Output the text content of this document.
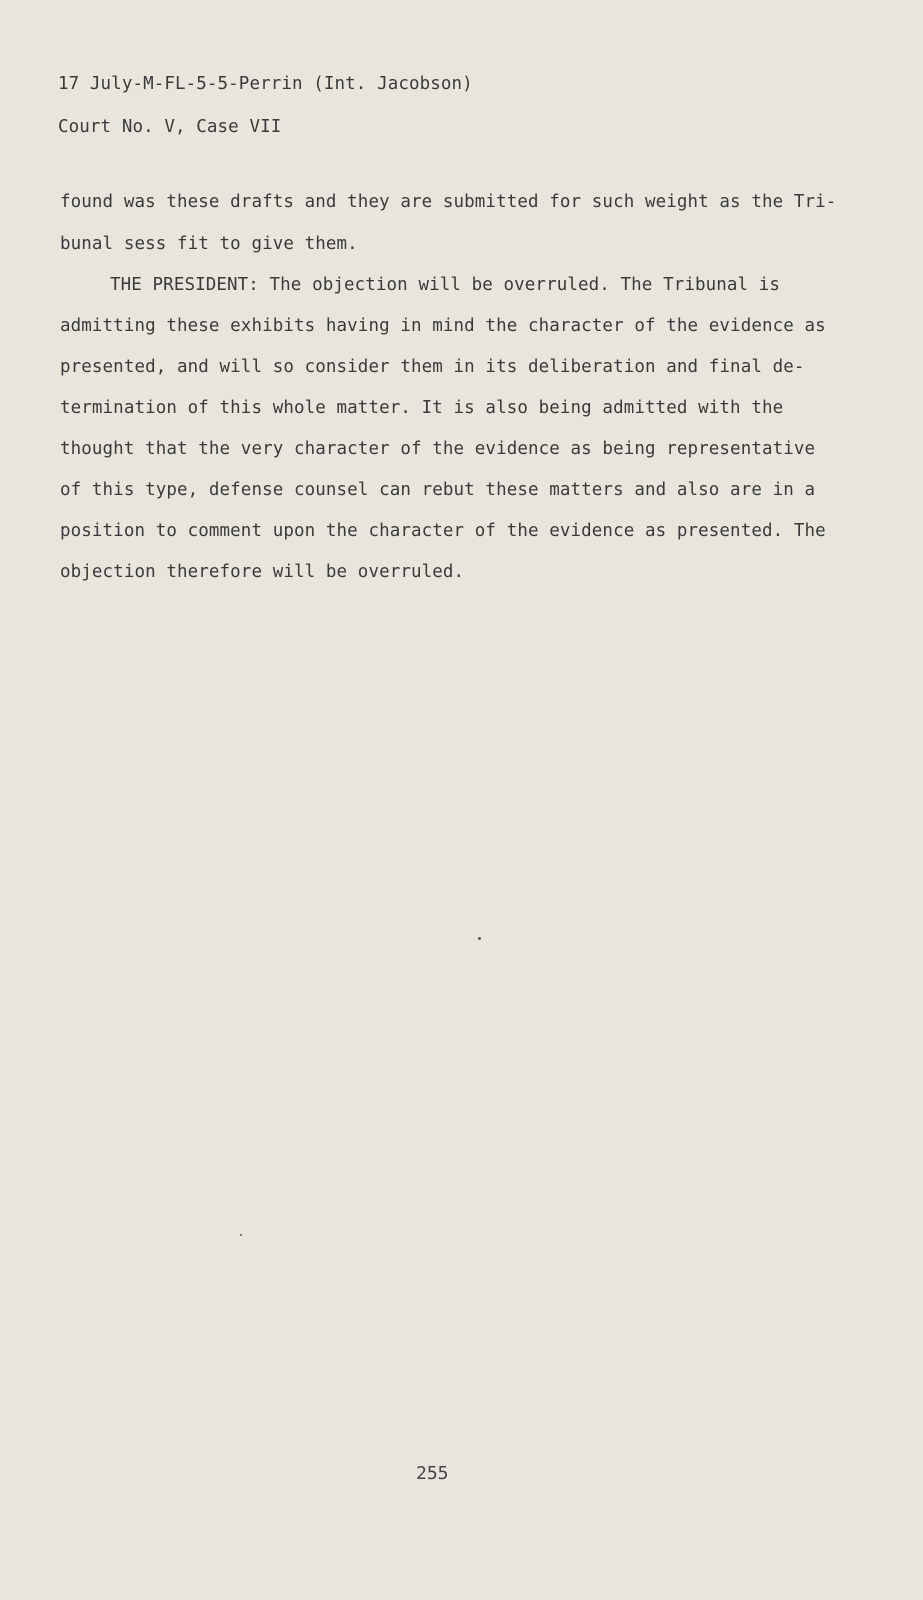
17 July-M-FL-5-5-Perrin (Int. Jacobson)
Court No. V, Case VII
found was these drafts and they are submitted for such weight as the Tri-
bunal sess fit to give them.
THE PRESIDENT: The objection will be overruled. The Tribunal is
admitting these exhibits having in mind the character of the evidence as
presented, and will so consider them in its deliberation and final de-
termination of this whole matter. It is also being admitted with the
thought that the very character of the evidence as being representative
of this type, defense counsel can rebut these matters and also are in a
position to comment upon the character of the evidence as presented. The
objection therefore will be overruled.
255
